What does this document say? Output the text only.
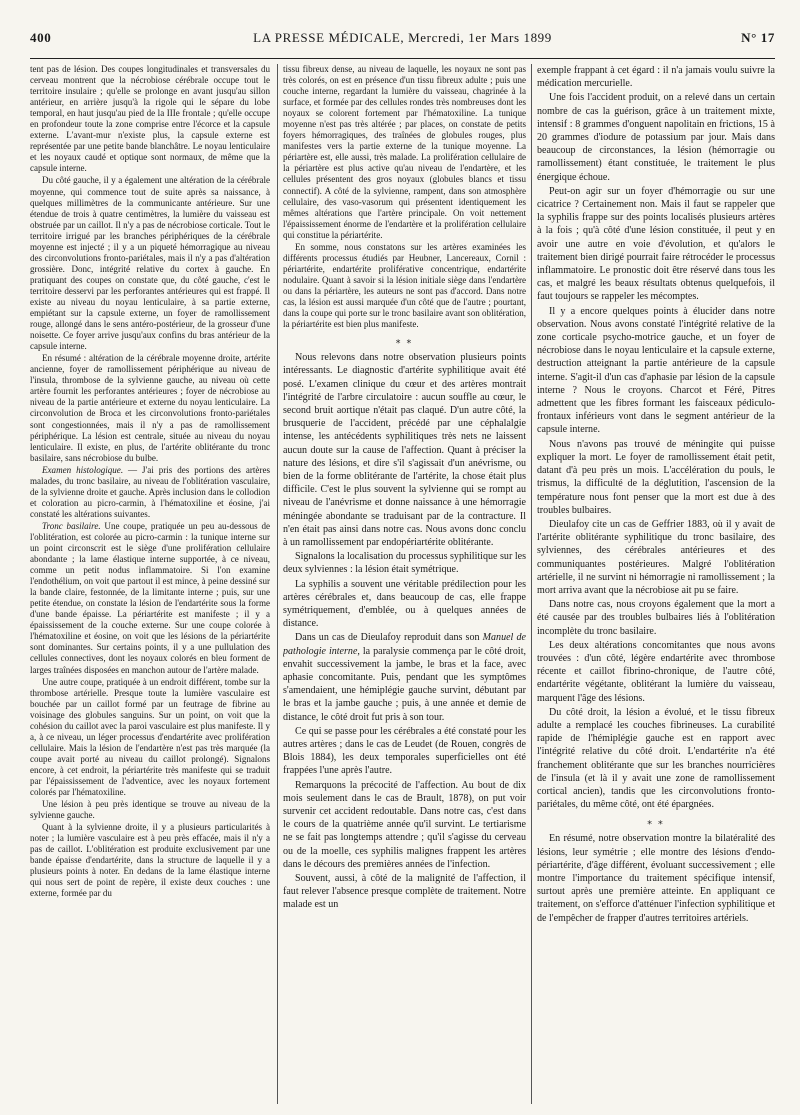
400	LA PRESSE MÉDICALE, Mercredi, 1er Mars 1899	N° 17

tent pas de lésion. Des coupes longitudinales et transversales du cerveau montrent que la nécrobiose cérébrale occupe tout le territoire insulaire ; qu'elle se prolonge en avant jusqu'au sillon antérieur, en arrière jusqu'à la rigole qui le sépare du lobe temporal, en haut jusqu'au pied de la IIIe frontale ; qu'elle occupe en profondeur toute la zone comprise entre l'écorce et la capsule externe. L'avant-mur n'existe plus, la capsule externe est représentée par une petite bande blanchâtre. Le noyau lenticulaire et les noyaux caudé et optique sont normaux, de même que la capsule interne.

Du côté gauche, il y a également une altération de la cérébrale moyenne, qui commence tout de suite après sa naissance, à quelques millimètres de la communicante antérieure. Sur une étendue de trois à quatre centimètres, la lumière du vaisseau est obstruée par un caillot. Il n'y a pas de nécrobiose corticale. Tout le territoire irrigué par les branches périphériques de la cérébrale moyenne est injecté ; il y a un piqueté hémorragique au niveau des circonvolutions fronto-pariétales, mais il n'y a pas d'altération grossière. Donc, intégrité relative du cortex à gauche. En pratiquant des coupes on constate que, du côté gauche, c'est le territoire desservi par les perforantes antérieures qui est frappé. Il existe au niveau du noyau lenticulaire, à sa partie externe, empiétant sur la capsule externe, un foyer de ramollissement rouge, allongé dans le sens antéro-postérieur, de la grosseur d'une noisette. Ce foyer arrive jusqu'aux confins du bras antérieur de la capsule interne.

En résumé : altération de la cérébrale moyenne droite, artérite ancienne, foyer de ramollissement périphérique au niveau de l'insula, thrombose de la sylvienne gauche, au niveau où cette artère fournit les perforantes antérieures ; foyer de nécrobiose au niveau de la partie antérieure et externe du noyau lenticulaire. La circonvolution de Broca et les circonvolutions fronto-pariétales sont congestionnées, mais il n'y a pas de ramollissement périphérique. La lésion est centrale, située au niveau du noyau lenticulaire. Il existe, en plus, de l'artérite oblitérante du tronc basilaire, sans nécrobiose du bulbe.

Examen histologique. — J'ai pris des portions des artères malades, du tronc basilaire, au niveau de l'oblitération vasculaire, de la sylvienne droite et gauche. Après inclusion dans le collodion et coloration au picro-carmin, à l'hématoxiline et éosine, j'ai constaté les altérations suivantes.

Tronc basilaire. Une coupe, pratiquée un peu au-dessous de l'oblitération, est colorée au picro-carmin : la tunique interne sur un point circonscrit est le siège d'une prolifération cellulaire abondante ; la lame élastique interne supportée, à ce niveau, comme un petit nodus inflammatoire. Si l'on examine l'endothélium, on voit que partout il est mince, à peine dessiné sur la bande claire, festonnée, de la limitante interne ; puis, sur une petite étendue, on constate la lésion de l'endartérite sous la forme d'une bande épaisse. La périartérite est manifeste ; il y a épaississement de la couche externe. Sur une coupe colorée à l'hématoxiline et éosine, on voit que les lésions de la périartérite sont dominantes. Sur certains points, il y a une pullulation des cellules connectives, dont les noyaux colorés en bleu forment de larges traînées disposées en manchon autour de l'artère malade.

Une autre coupe, pratiquée à un endroit différent, tombe sur la thrombose artérielle. Presque toute la lumière vasculaire est bouchée par un caillot formé par un feutrage de fibrine au voisinage des globules sanguins. Sur un point, on voit que la cohésion du caillot avec la paroi vasculaire est plus manifeste. Il y a, à ce niveau, un léger processus d'endartérite avec prolifération cellulaire. Mais la lésion de l'endartère n'est pas très marquée (la coupe avait porté au niveau du caillot prolongé). Signalons encore, à cet endroit, la périartérite très manifeste qui se traduit par l'épaississement de l'adventice, avec les noyaux fortement colorés par l'hématoxiline.

Une lésion à peu près identique se trouve au niveau de la sylvienne gauche.

Quant à la sylvienne droite, il y a plusieurs particularités à noter ; la lumière vasculaire est à peu près effacée, mais il n'y a pas de caillot. L'oblitération est produite exclusivement par une bande épaisse d'endartérite, dans la structure de laquelle il y a plusieurs points à noter. En dedans de la lame élastique interne qui nous sert de point de repère, il existe deux couches : une externe, formée par du

tissu fibreux dense, au niveau de laquelle, les noyaux ne sont pas très colorés, on est en présence d'un tissu fibreux adulte ; puis une couche interne, regardant la lumière du vaisseau, chagrinée à la surface, et formée par des cellules rondes très nombreuses dont les noyaux se colorent fortement par l'hématoxiline. La tunique moyenne n'est pas très altérée ; par places, on constate de petits foyers hémorragiques, des traînées de globules rouges, plus manifestes vers la partie externe de la tunique moyenne. La périartère est, elle aussi, très malade. La prolifération cellulaire de la périartère est plus active qu'au niveau de l'endartère, et les cellules présentent des gros noyaux (globules blancs et tissu connectif). A côté de la sylvienne, rampent, dans son atmosphère cellulaire, des vaso-vasorum qui présentent identiquement les mêmes altérations que l'artère principale. On voit nettement l'épaississement énorme de l'endartère et la prolifération cellulaire qui constitue la périartérite.

En somme, nous constatons sur les artères examinées les différents processus étudiés par Heubner, Lancereaux, Cornil : périartérite, endartérite proliférative concentrique, endartérite nodulaire. Quant à savoir si la lésion initiale siège dans l'endartère ou dans la périartère, les auteurs ne sont pas d'accord. Dans notre cas, la lésion est aussi marquée d'un côté que de l'autre ; pourtant, dans la coupe qui porte sur le tronc basilaire avant son oblitération, la périartérite est bien plus manifeste.

⁎ ⁎

Nous relevons dans notre observation plusieurs points intéressants. Le diagnostic d'artérite syphilitique avait été posé. L'examen clinique du cœur et des artères montrait l'intégrité de l'arbre circulatoire : aucun souffle au cœur, le second bruit aortique n'était pas claqué. D'un autre côté, la brusquerie de l'accident, précédé par une céphalalgie intense, les antécédents syphilitiques très nets ne laissent aucun doute sur la cause de l'affection. Quant à préciser la nature des lésions, et dire s'il s'agissait d'un anévrisme, ou bien de la forme oblitérante de l'artérite, la chose était plus difficile. C'est le plus souvent la sylvienne qui se rompt au niveau de l'anévrisme et donne naissance à une hémorragie méningée abondante se traduisant par de la contracture. Il n'en était pas ainsi dans notre cas. Nous avons donc conclu à un ramollissement par endopériartérite oblitérante.

Signalons la localisation du processus syphilitique sur les deux sylviennes : la lésion était symétrique.

La syphilis a souvent une véritable prédilection pour les artères cérébrales et, dans beaucoup de cas, elle frappe symétriquement, d'emblée, ou à quelques années de distance.

Dans un cas de Dieulafoy reproduit dans son Manuel de pathologie interne, la paralysie commença par le côté droit, envahit successivement la jambe, le bras et la face, avec aphasie concomitante. Puis, pendant que les symptômes s'amendaient, une hémiplégie gauche survint, débutant par le bras et la jambe gauche ; puis, à une année et demie de distance, le côté droit fut pris à son tour.

Ce qui se passe pour les cérébrales a été constaté pour les autres artères ; dans le cas de Leudet (de Rouen, congrès de Blois 1884), les deux temporales superficielles ont été frappées l'une après l'autre.

Remarquons la précocité de l'affection. Au bout de dix mois seulement dans le cas de Brault, 1878), on put voir survenir cet accident redoutable. Dans notre cas, c'est dans le cours de la quatrième année qu'il survint. Le tertiarisme ne se fait pas longtemps attendre ; qu'il s'agisse du cerveau ou de la moelle, ces syphilis malignes frappent les artères dans le décours des premières années de l'infection.

Souvent, aussi, à côté de la malignité de l'affection, il faut relever l'absence presque complète de traitement. Notre malade est un

exemple frappant à cet égard : il n'a jamais voulu suivre la médication mercurielle.

Une fois l'accident produit, on a relevé dans un certain nombre de cas la guérison, grâce à un traitement mixte, intensif : 8 grammes d'onguent napolitain en frictions, 15 à 20 grammes d'iodure de potassium par jour. Mais dans beaucoup de circonstances, la lésion (hémorragie ou ramollissement) étant constituée, le traitement le plus énergique échoue.

Peut-on agir sur un foyer d'hémorragie ou sur une cicatrice ? Certainement non. Mais il faut se rappeler que la syphilis frappe sur des points localisés plusieurs artères à la fois ; qu'à côté d'une lésion constituée, il peut y en avoir une autre en voie d'évolution, et qu'alors le traitement bien dirigé pourrait faire rétrocéder le processus inflammatoire. Le pronostic doit être réservé dans tous les cas, et malgré les beaux résultats obtenus quelquefois, il faut toujours se rappeler les mécomptes.

Il y a encore quelques points à élucider dans notre observation. Nous avons constaté l'intégrité relative de la zone corticale psycho-motrice gauche, et un foyer de nécrobiose dans le noyau lenticulaire et la capsule externe, destruction atteignant la partie antérieure de la capsule interne. S'agit-il d'un cas d'aphasie par lésion de la capsule interne ? Nous le croyons. Charcot et Féré, Pitres admettent que les fibres formant les faisceaux pédiculo-frontaux inférieurs vont dans le segment antérieur de la capsule interne.

Nous n'avons pas trouvé de méningite qui puisse expliquer la mort. Le foyer de ramollissement était petit, datant d'à peu près un mois. L'accélération du pouls, le trismus, la difficulté de la déglutition, l'ascension de la température nous font penser que la mort est due à des troubles bulbaires.

Dieulafoy cite un cas de Geffrier 1883, où il y avait de l'artérite oblitérante syphilitique du tronc basilaire, des sylviennes, des cérébrales antérieures et des communiquantes postérieures. Malgré l'oblitération artérielle, il ne survint ni hémorragie ni ramollissement ; la mort arriva avant que la nécrobiose ait pu se faire.

Dans notre cas, nous croyons également que la mort a été causée par des troubles bulbaires liés à l'oblitération incomplète du tronc basilaire.

Les deux altérations concomitantes que nous avons trouvées : d'un côté, légère endartérite avec thrombose récente et caillot fibrino-chronique, de l'autre côté, endartérite végétante, oblitérant la lumière du vaisseau, marquent l'âge des lésions.

Du côté droit, la lésion a évolué, et le tissu fibreux adulte a remplacé les couches fibrineuses. La curabilité rapide de l'hémiplégie gauche est en rapport avec l'intégrité relative du côté droit. L'endartérite n'a été franchement oblitérante que sur les branches nourricières de l'insula (et là il y avait une zone de ramollissement cortical ancien), tandis que les circonvolutions fronto-pariétales, du même côté, ont été épargnées.

⁎ ⁎

En résumé, notre observation montre la bilatéralité des lésions, leur symétrie ; elle montre des lésions d'endo-périartérite, d'âge différent, évoluant successivement ; elle montre l'importance du traitement spécifique intensif, surtout après une première atteinte. En appliquant ce traitement, on s'efforce d'atténuer l'infection syphilitique et de l'empêcher de frapper d'autres territoires artériels.
